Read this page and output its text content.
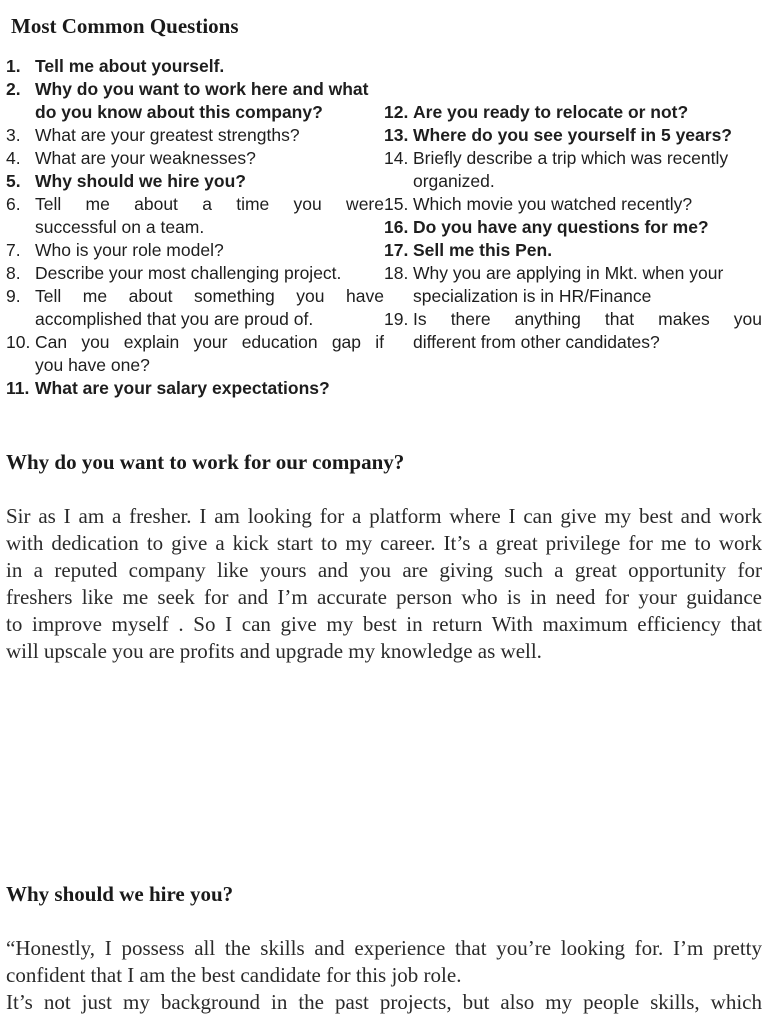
Most Common Questions
1. Tell me about yourself.
2. Why do you want to work here and what
do you know about this company?
3. What are your greatest strengths?
4. What are your weaknesses?
5. Why should we hire you?
6. Tell me about a time you were
successful on a team.
7. Who is your role model?
8. Describe your most challenging project.
9. Tell me about something you have
accomplished that you are proud of.
10. Can you explain your education gap if
you have one?
11. What are your salary expectations?
12. Are you ready to relocate or not?
13. Where do you see yourself in 5 years?
14. Briefly describe a trip which was recently
organized.
15. Which movie you watched recently?
16. Do you have any questions for me?
17. Sell me this Pen.
18. Why you are applying in Mkt. when your
specialization is in HR/Finance
19. Is there anything that makes you
different from other candidates?
Why do you want to work for our company?
Sir as I am a fresher. I am looking for a platform where I can give my best and work
with dedication to give a kick start to my career. It’s a great privilege for me to work
in a reputed company like yours and you are giving such a great opportunity for
freshers like me seek for and I’m accurate person who is in need for your guidance
to improve myself . So I can give my best in return With maximum efficiency that
will upscale you are profits and upgrade my knowledge as well.
Why should we hire you?
“Honestly, I possess all the skills and experience that you’re looking for. I’m pretty
confident that I am the best candidate for this job role.
It’s not just my background in the past projects, but also my people skills, which
